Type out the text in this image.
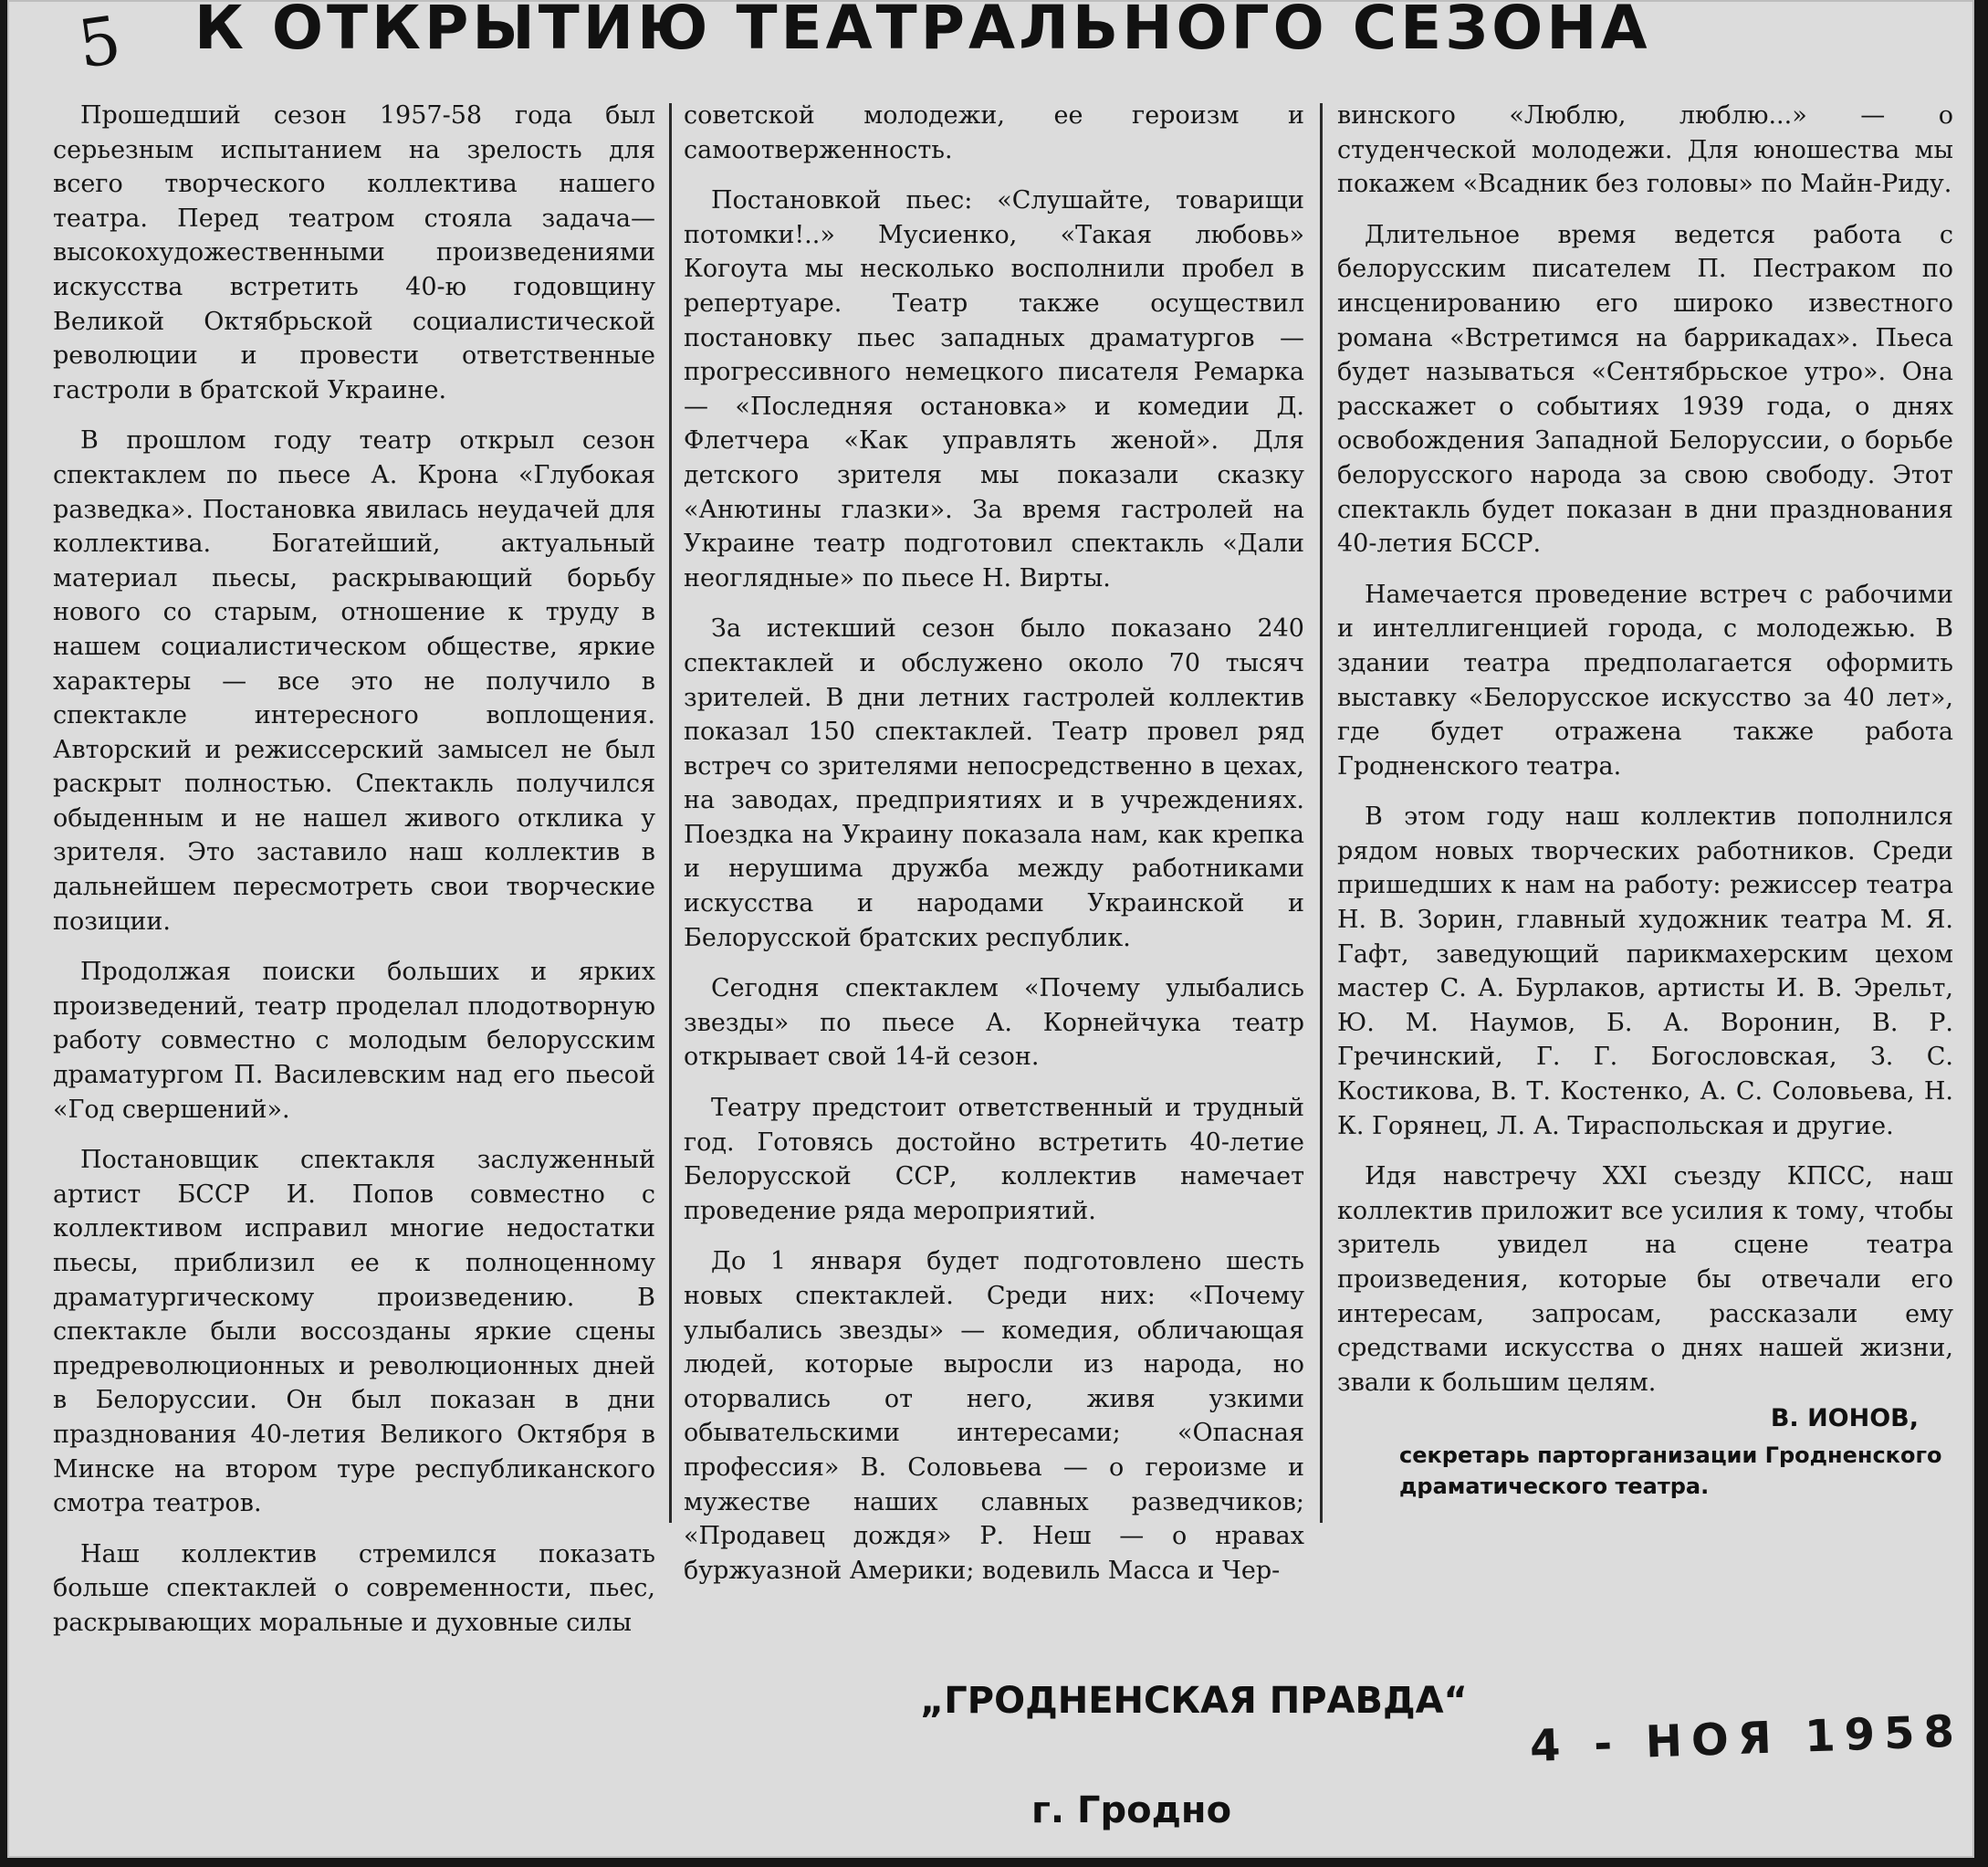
5 К ОТКРЫТИЮ ТЕАТРАЛЬНОГО СЕЗОНА

Прошедший сезон 1957-58 года был серьезным испытанием на зрелость для всего творческого коллектива нашего театра. Перед театром стояла задача—высокохудожественными произведениями искусства встретить 40-ю годовщину Великой Октябрьской социалистической революции и провести ответственные гастроли в братской Украине.

В прошлом году театр открыл сезон спектаклем по пьесе А. Крона «Глубокая разведка». Постановка явилась неудачей для коллектива. Богатейший, актуальный материал пьесы, раскрывающий борьбу нового со старым, отношение к труду в нашем социалистическом обществе, яркие характеры — все это не получило в спектакле интересного воплощения. Авторский и режиссерский замысел не был раскрыт полностью. Спектакль получился обыденным и не нашел живого отклика у зрителя. Это заставило наш коллектив в дальнейшем пересмотреть свои творческие позиции.

Продолжая поиски больших и ярких произведений, театр проделал плодотворную работу совместно с молодым белорусским драматургом П. Василевским над его пьесой «Год свершений».

Постановщик спектакля заслуженный артист БССР И. Попов совместно с коллективом исправил многие недостатки пьесы, приблизил ее к полноценному драматургическому произведению. В спектакле были воссозданы яркие сцены предреволюционных и революционных дней в Белоруссии. Он был показан в дни празднования 40-летия Великого Октября в Минске на втором туре республиканского смотра театров.

Наш коллектив стремился показать больше спектаклей о современности, пьес, раскрывающих моральные и духовные силы

советской молодежи, ее героизм и самоотверженность.

Постановкой пьес: «Слушайте, товарищи потомки!..» Мусиенко, «Такая любовь» Когоута мы несколько восполнили пробел в репертуаре. Театр также осуществил постановку пьес западных драматургов — прогрессивного немецкого писателя Ремарка — «Последняя остановка» и комедии Д. Флетчера «Как управлять женой». Для детского зрителя мы показали сказку «Анютины глазки». За время гастролей на Украине театр подготовил спектакль «Дали неоглядные» по пьесе Н. Вирты.

За истекший сезон было показано 240 спектаклей и обслужено около 70 тысяч зрителей. В дни летних гастролей коллектив показал 150 спектаклей. Театр провел ряд встреч со зрителями непосредственно в цехах, на заводах, предприятиях и в учреждениях. Поездка на Украину показала нам, как крепка и нерушима дружба между работниками искусства и народами Украинской и Белорусской братских республик.

Сегодня спектаклем «Почему улыбались звезды» по пьесе А. Корнейчука театр открывает свой 14-й сезон.

Театру предстоит ответственный и трудный год. Готовясь достойно встретить 40-летие Белорусской ССР, коллектив намечает проведение ряда мероприятий.

До 1 января будет подготовлено шесть новых спектаклей. Среди них: «Почему улыбались звезды» — комедия, обличающая людей, которые выросли из народа, но оторвались от него, живя узкими обывательскими интересами; «Опасная профессия» В. Соловьева — о героизме и мужестве наших славных разведчиков; «Продавец дождя» Р. Неш — о нравах буржуазной Америки; водевиль Масса и Чер-

винского «Люблю, люблю...» — о студенческой молодежи. Для юношества мы покажем «Всадник без головы» по Майн-Риду.

Длительное время ведется работа с белорусским писателем П. Пестраком по инсценированию его широко известного романа «Встретимся на баррикадах». Пьеса будет называться «Сентябрьское утро». Она расскажет о событиях 1939 года, о днях освобождения Западной Белоруссии, о борьбе белорусского народа за свою свободу. Этот спектакль будет показан в дни празднования 40-летия БССР.

Намечается проведение встреч с рабочими и интеллигенцией города, с молодежью. В здании театра предполагается оформить выставку «Белорусское искусство за 40 лет», где будет отражена также работа Гродненского театра.

В этом году наш коллектив пополнился рядом новых творческих работников. Среди пришедших к нам на работу: режиссер театра Н. В. Зорин, главный художник театра М. Я. Гафт, заведующий парикмахерским цехом мастер С. А. Бурлаков, артисты И. В. Эрельт, Ю. М. Наумов, Б. А. Воронин, В. Р. Гречинский, Г. Г. Богословская, З. С. Костикова, В. Т. Костенко, А. С. Соловьева, Н. К. Горянец, Л. А. Тираспольская и другие.

Идя навстречу XXI съезду КПСС, наш коллектив приложит все усилия к тому, чтобы зритель увидел на сцене театра произведения, которые бы отвечали его интересам, запросам, рассказали ему средствами искусства о днях нашей жизни, звали к большим целям.

В. ИОНОВ,
секретарь парторганизации Гродненского драматического театра.
„ГРОДНЕНСКАЯ ПРАВДА“
г. Гродно
4 - НОЯ 1958
